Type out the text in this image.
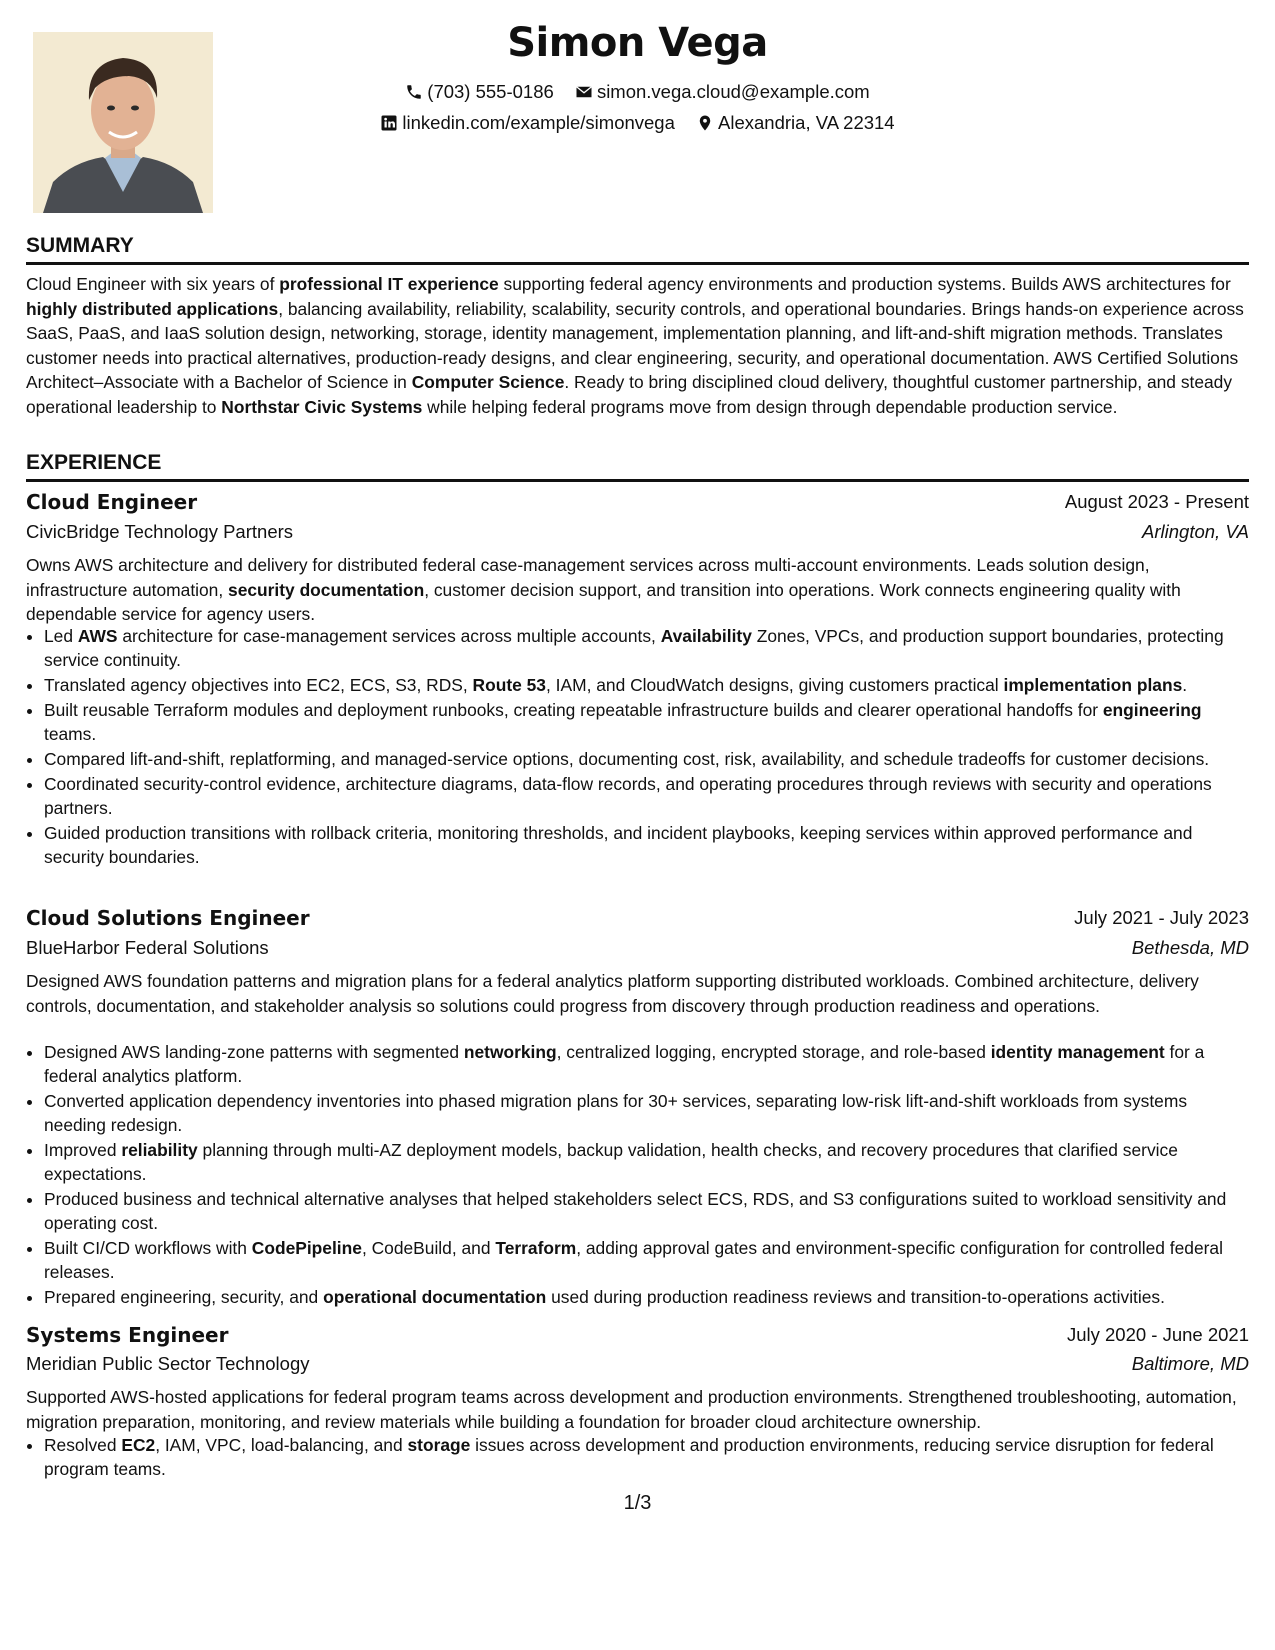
Simon Vega
(703) 555-0186
simon.vega.cloud@example.com
linkedin.com/example/simonvega
Alexandria, VA 22314
SUMMARY
Cloud Engineer with six years of professional IT experience supporting federal agency environments and production systems. Builds AWS architectures for highly distributed applications, balancing availability, reliability, scalability, security controls, and operational boundaries. Brings hands-on experience across SaaS, PaaS, and IaaS solution design, networking, storage, identity management, implementation planning, and lift-and-shift migration methods. Translates customer needs into practical alternatives, production-ready designs, and clear engineering, security, and operational documentation. AWS Certified Solutions Architect–Associate with a Bachelor of Science in Computer Science. Ready to bring disciplined cloud delivery, thoughtful customer partnership, and steady operational leadership to Northstar Civic Systems while helping federal programs move from design through dependable production service.
EXPERIENCE
Cloud Engineer	August 2023 - Present
CivicBridge Technology Partners	Arlington, VA
Owns AWS architecture and delivery for distributed federal case-management services across multi-account environments. Leads solution design, infrastructure automation, security documentation, customer decision support, and transition into operations. Work connects engineering quality with dependable service for agency users.
• Led AWS architecture for case-management services across multiple accounts, Availability Zones, VPCs, and production support boundaries, protecting service continuity.
• Translated agency objectives into EC2, ECS, S3, RDS, Route 53, IAM, and CloudWatch designs, giving customers practical implementation plans.
• Built reusable Terraform modules and deployment runbooks, creating repeatable infrastructure builds and clearer operational handoffs for engineering teams.
• Compared lift-and-shift, replatforming, and managed-service options, documenting cost, risk, availability, and schedule tradeoffs for customer decisions.
• Coordinated security-control evidence, architecture diagrams, data-flow records, and operating procedures through reviews with security and operations partners.
• Guided production transitions with rollback criteria, monitoring thresholds, and incident playbooks, keeping services within approved performance and security boundaries.
Cloud Solutions Engineer	July 2021 - July 2023
BlueHarbor Federal Solutions	Bethesda, MD
Designed AWS foundation patterns and migration plans for a federal analytics platform supporting distributed workloads. Combined architecture, delivery controls, documentation, and stakeholder analysis so solutions could progress from discovery through production readiness and operations.
• Designed AWS landing-zone patterns with segmented networking, centralized logging, encrypted storage, and role-based identity management for a federal analytics platform.
• Converted application dependency inventories into phased migration plans for 30+ services, separating low-risk lift-and-shift workloads from systems needing redesign.
• Improved reliability planning through multi-AZ deployment models, backup validation, health checks, and recovery procedures that clarified service expectations.
• Produced business and technical alternative analyses that helped stakeholders select ECS, RDS, and S3 configurations suited to workload sensitivity and operating cost.
• Built CI/CD workflows with CodePipeline, CodeBuild, and Terraform, adding approval gates and environment-specific configuration for controlled federal releases.
• Prepared engineering, security, and operational documentation used during production readiness reviews and transition-to-operations activities.
Systems Engineer	July 2020 - June 2021
Meridian Public Sector Technology	Baltimore, MD
Supported AWS-hosted applications for federal program teams across development and production environments. Strengthened troubleshooting, automation, migration preparation, monitoring, and review materials while building a foundation for broader cloud architecture ownership.
• Resolved EC2, IAM, VPC, load-balancing, and storage issues across development and production environments, reducing service disruption for federal program teams.
1/3
